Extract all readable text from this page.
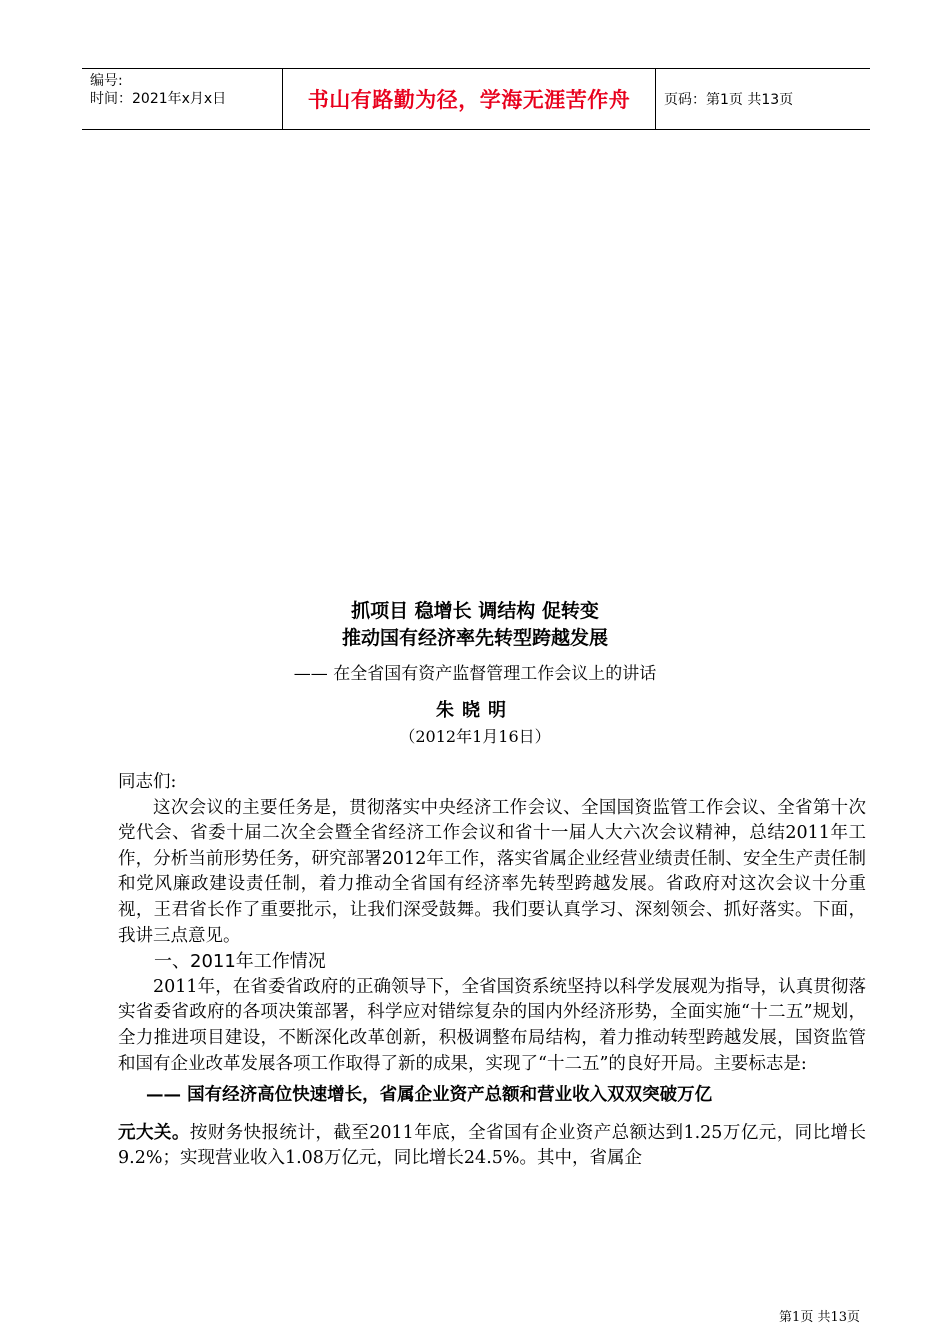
编号:
时间：2021年x月x日	书山有路勤为径，学海无涯苦作舟	页码：第1页 共13页
抓项目 稳增长 调结构 促转变
推动国有经济率先转型跨越发展
—— 在全省国有资产监督管理工作会议上的讲话
朱晓明
（2012年1月16日）

同志们:

这次会议的主要任务是，贯彻落实中央经济工作会议、全国国资监管工作会议、全省第十次党代会、省委十届二次全会暨全省经济工作会议和省十一届人大六次会议精神，总结2011年工作，分析当前形势任务，研究部署2012年工作，落实省属企业经营业绩责任制、安全生产责任制和党风廉政建设责任制，着力推动全省国有经济率先转型跨越发展。省政府对这次会议十分重视，王君省长作了重要批示，让我们深受鼓舞。我们要认真学习、深刻领会、抓好落实。下面，我讲三点意见。

一、2011年工作情况

2011年，在省委省政府的正确领导下，全省国资系统坚持以科学发展观为指导，认真贯彻落实省委省政府的各项决策部署，科学应对错综复杂的国内外经济形势，全面实施“十二五”规划，全力推进项目建设，不断深化改革创新，积极调整布局结构，着力推动转型跨越发展，国资监管和国有企业改革发展各项工作取得了新的成果，实现了“十二五”的良好开局。主要标志是:

—— 国有经济高位快速增长，省属企业资产总额和营业收入双双突破万亿

元大关。按财务快报统计，截至2011年底，全省国有企业资产总额达到1.25万亿元，同比增长9.2%；实现营业收入1.08万亿元，同比增长24.5%。其中，省属企

第1页 共13页
